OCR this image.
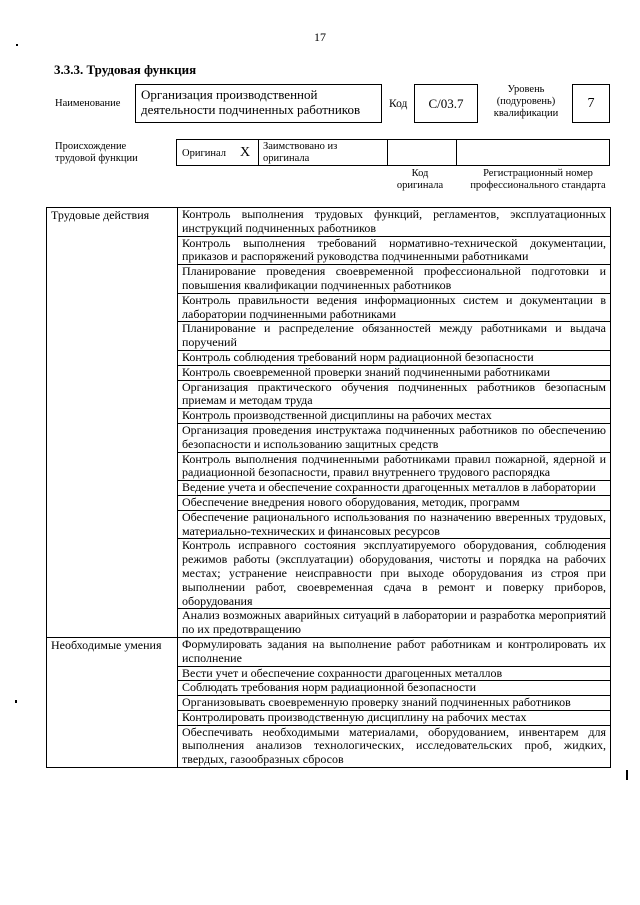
17
3.3.3. Трудовая функция
Наименование
Организация производственной деятельности подчиненных работников	Код	C/03.7
Уровень (подуровень) квалификации
7
Происхождение трудовой функции	Оригинал X Заимствовано из оригинала
Код оригинала
Регистрационный номер профессионального стандарта
Трудовые действия	Контроль выполнения трудовых функций, регламентов, эксплуатационных инструкций подчиненных работников
	Контроль выполнения требований нормативно-технической документации, приказов и распоряжений руководства подчиненными работниками
	Планирование проведения своевременной профессиональной подготовки и повышения квалификации подчиненных работников
	Контроль правильности ведения информационных систем и документации в лаборатории подчиненными работниками
	Планирование и распределение обязанностей между работниками и выдача поручений
	Контроль соблюдения требований норм радиационной безопасности
	Контроль своевременной проверки знаний подчиненными работниками
	Организация практического обучения подчиненных работников безопасным приемам и методам труда
	Контроль производственной дисциплины на рабочих местах
	Организация проведения инструктажа подчиненных работников по обеспечению безопасности и использованию защитных средств
	Контроль выполнения подчиненными работниками правил пожарной, ядерной и радиационной безопасности, правил внутреннего трудового распорядка
	Ведение учета и обеспечение сохранности драгоценных металлов в лаборатории
	Обеспечение внедрения нового оборудования, методик, программ
	Обеспечение рационального использования по назначению вверенных трудовых, материально-технических и финансовых ресурсов
	Контроль исправного состояния эксплуатируемого оборудования, соблюдения режимов работы (эксплуатации) оборудования, чистоты и порядка на рабочих местах; устранение неисправности при выходе оборудования из строя при выполнении работ, своевременная сдача в ремонт и поверку приборов, оборудования
	Анализ возможных аварийных ситуаций в лаборатории и разработка мероприятий по их предотвращению
Необходимые умения	Формулировать задания на выполнение работ работникам и контролировать их исполнение
	Вести учет и обеспечение сохранности драгоценных металлов
	Соблюдать требования норм радиационной безопасности
	Организовывать своевременную проверку знаний подчиненных работников
	Контролировать производственную дисциплину на рабочих местах
	Обеспечивать необходимыми материалами, оборудованием, инвентарем для выполнения анализов технологических, исследовательских проб, жидких, твердых, газообразных сбросов
